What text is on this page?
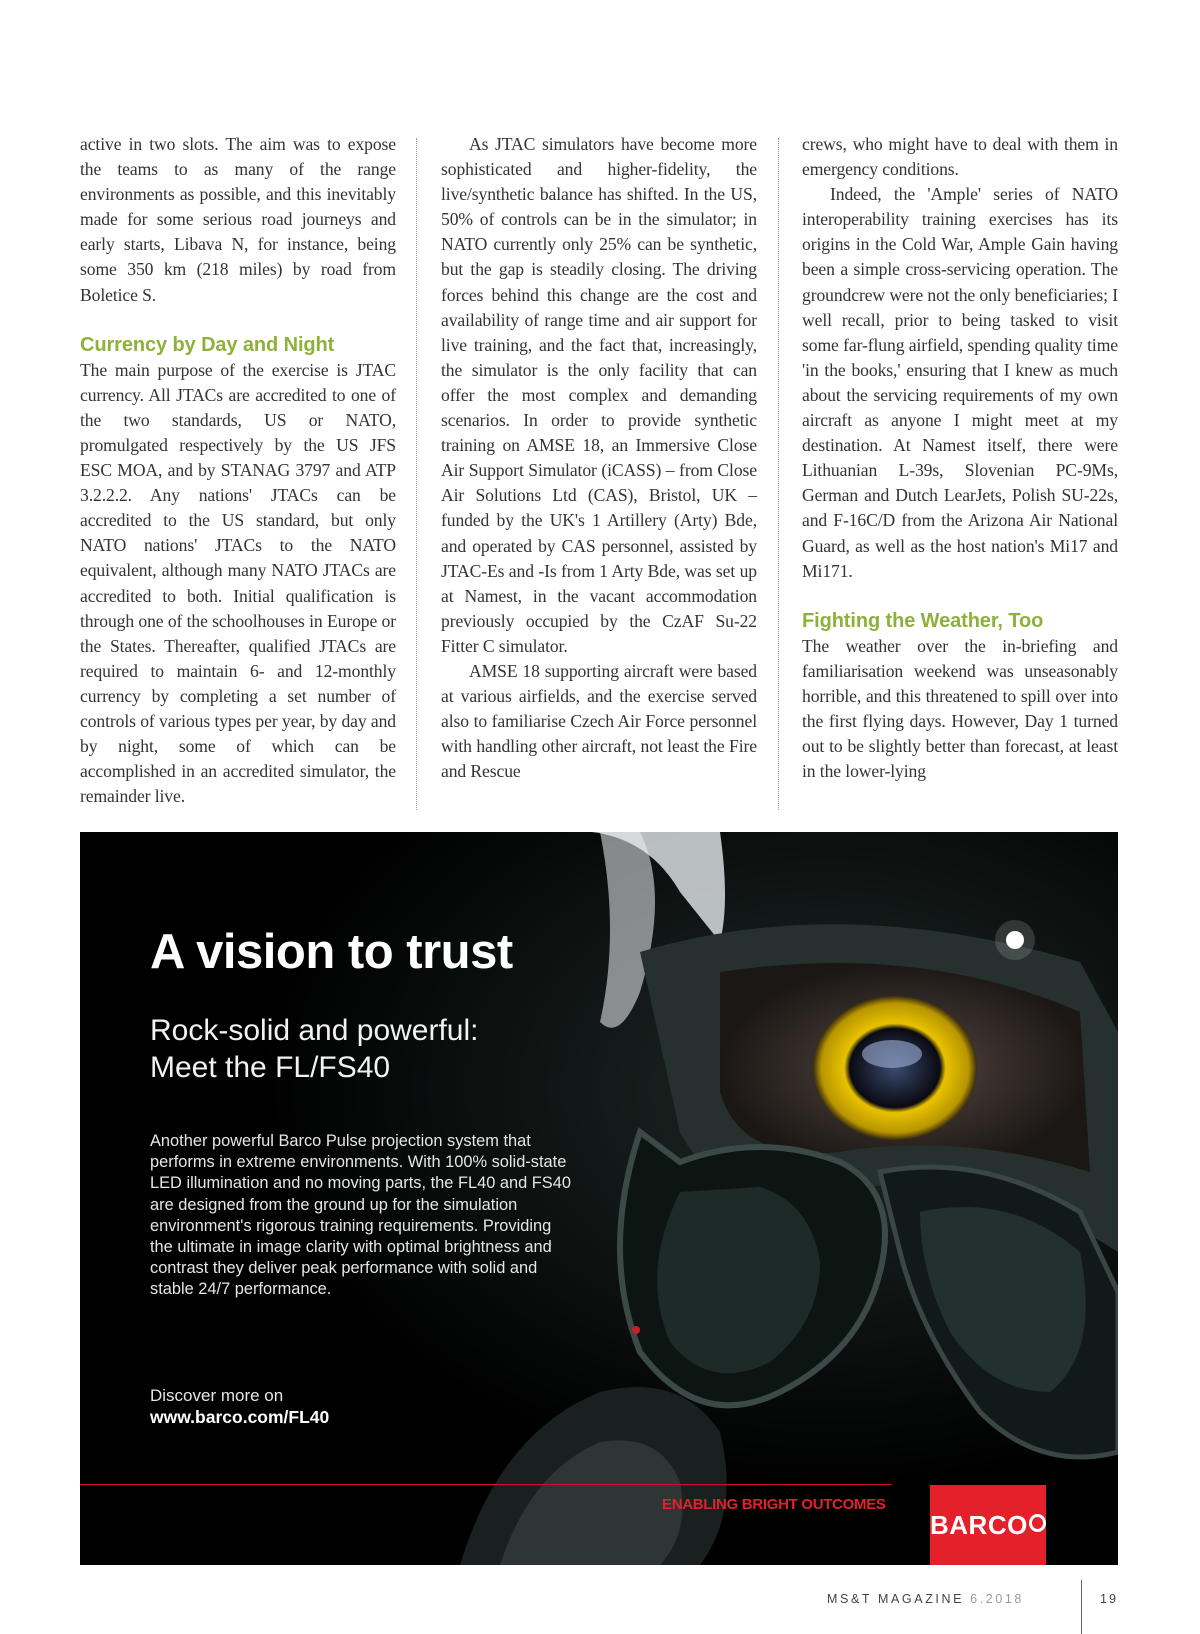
active in two slots. The aim was to expose the teams to as many of the range environments as possible, and this inevitably made for some serious road journeys and early starts, Libava N, for instance, being some 350 km (218 miles) by road from Boletice S.

Currency by Day and Night

The main purpose of the exercise is JTAC currency. All JTACs are accredited to one of the two standards, US or NATO, promulgated respectively by the US JFS ESC MOA, and by STANAG 3797 and ATP 3.2.2.2. Any nations' JTACs can be accredited to the US standard, but only NATO nations' JTACs to the NATO equivalent, although many NATO JTACs are accredited to both. Initial qualification is through one of the schoolhouses in Europe or the States. Thereafter, qualified JTACs are required to maintain 6- and 12-monthly currency by completing a set number of controls of various types per year, by day and by night, some of which can be accomplished in an accredited simulator, the remainder live.

As JTAC simulators have become more sophisticated and higher-fidelity, the live/synthetic balance has shifted. In the US, 50% of controls can be in the simulator; in NATO currently only 25% can be synthetic, but the gap is steadily closing. The driving forces behind this change are the cost and availability of range time and air support for live training, and the fact that, increasingly, the simulator is the only facility that can offer the most complex and demanding scenarios. In order to provide synthetic training on AMSE 18, an Immersive Close Air Support Simulator (iCASS) – from Close Air Solutions Ltd (CAS), Bristol, UK – funded by the UK's 1 Artillery (Arty) Bde, and operated by CAS personnel, assisted by JTAC-Es and -Is from 1 Arty Bde, was set up at Namest, in the vacant accommodation previously occupied by the CzAF Su-22 Fitter C simulator.

AMSE 18 supporting aircraft were based at various airfields, and the exercise served also to familiarise Czech Air Force personnel with handling other aircraft, not least the Fire and Rescue

crews, who might have to deal with them in emergency conditions.

Indeed, the 'Ample' series of NATO interoperability training exercises has its origins in the Cold War, Ample Gain having been a simple cross-servicing operation. The groundcrew were not the only beneficiaries; I well recall, prior to being tasked to visit some far-flung airfield, spending quality time 'in the books,' ensuring that I knew as much about the servicing requirements of my own aircraft as anyone I might meet at my destination. At Namest itself, there were Lithuanian L-39s, Slovenian PC-9Ms, German and Dutch LearJets, Polish SU-22s, and F-16C/D from the Arizona Air National Guard, as well as the host nation's Mi17 and Mi171.

Fighting the Weather, Too

The weather over the in-briefing and familiarisation weekend was unseasonably horrible, and this threatened to spill over into the first flying days. However, Day 1 turned out to be slightly better than forecast, at least in the lower-lying

A vision to trust
Rock-solid and powerful:
Meet the FL/FS40
Another powerful Barco Pulse projection system that performs in extreme environments. With 100% solid-state LED illumination and no moving parts, the FL40 and FS40 are designed from the ground up for the simulation environment's rigorous training requirements. Providing the ultimate in image clarity with optimal brightness and contrast they deliver peak performance with solid and stable 24/7 performance.
Discover more on
www.barco.com/FL40
ENABLING BRIGHT OUTCOMES
BARCO
MS&T MAGAZINE 6.2018	19
